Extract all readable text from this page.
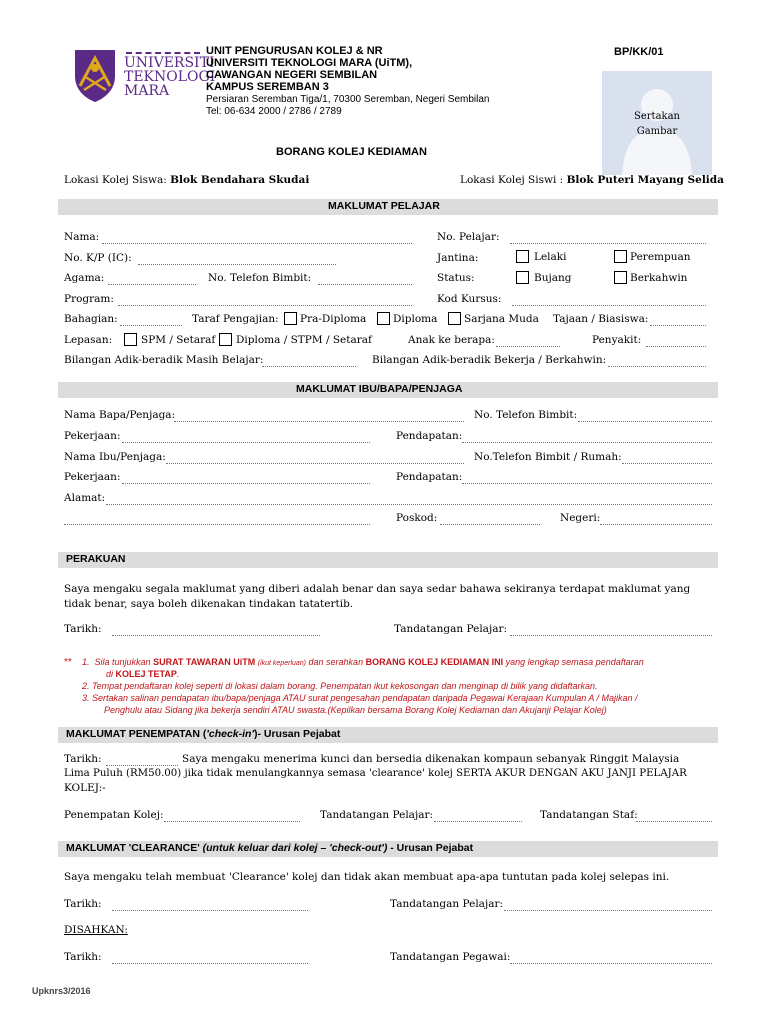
UNIVERSITI
TEKNOLOGI
MARA
UNIT PENGURUSAN KOLEJ & NR
UNIVERSITI TEKNOLOGI MARA (UiTM),
CAWANGAN NEGERI SEMBILAN
KAMPUS SEREMBAN 3
Persiaran Seremban Tiga/1, 70300 Seremban, Negeri Sembilan
Tel: 06-634 2000 / 2786 / 2789
BP/KK/01
Sertakan
Gambar
BORANG KOLEJ KEDIAMAN
Lokasi Kolej Siswa: Blok Bendahara Skudai	Lokasi Kolej Siswi : Blok Puteri Mayang Selida
MAKLUMAT PELAJAR
Nama:	No. Pelajar:
No. K/P (IC):	Jantina:	Lelaki	Perempuan
Agama:	No. Telefon Bimbit:	Status:	Bujang	Berkahwin
Program:	Kod Kursus:
Bahagian:	Taraf Pengajian: Pra-Diploma	Diploma	Sarjana Muda Tajaan / Biasiswa:
Lepasan:	SPM / Setaraf Diploma / STPM / Setaraf	Anak ke berapa:	Penyakit:
Bilangan Adik-beradik Masih Belajar:	Bilangan Adik-beradik Bekerja / Berkahwin:
MAKLUMAT IBU/BAPA/PENJAGA
Nama Bapa/Penjaga:	No. Telefon Bimbit:
Pekerjaan:	Pendapatan:
Nama Ibu/Penjaga:	No.Telefon Bimbit / Rumah:
Pekerjaan:	Pendapatan:
Alamat:
Poskod:	Negeri:
PERAKUAN
Saya mengaku segala maklumat yang diberi adalah benar dan saya sedar bahawa sekiranya terdapat maklumat yang tidak benar, saya boleh dikenakan tindakan tatatertib.
Tarikh:	Tandatangan Pelajar:
** 1. Sila tunjukkan SURAT TAWARAN UiTM (ikut keperluan) dan serahkan BORANG KOLEJ KEDIAMAN INI yang lengkap semasa pendaftaran
di KOLEJ TETAP.
2. Tempat pendaftaran kolej seperti di lokasi dalam borang. Penempatan ikut kekosongan dan menginap di bilik yang didaftarkan.
3. Sertakan salinan pendapatan ibu/bapa/penjaga ATAU surat pengesahan pendapatan daripada Pegawai Kerajaan Kumpulan A / Majikan /
Penghulu atau Sidang jika bekerja sendiri ATAU swasta.(Kepilkan bersama Borang Kolej Kediaman dan Akujanji Pelajar Kolej)
MAKLUMAT PENEMPATAN ('check-in')- Urusan Pejabat
Tarikh:	Saya mengaku menerima kunci dan bersedia dikenakan kompaun sebanyak Ringgit Malaysia
Lima Puluh (RM50.00) jika tidak menulangkannya semasa 'clearance' kolej SERTA AKUR DENGAN AKU JANJI PELAJAR
KOLEJ:-
Penempatan Kolej:	Tandatangan Pelajar:	Tandatangan Staf:
MAKLUMAT 'CLEARANCE' (untuk keluar dari kolej – 'check-out') - Urusan Pejabat
Saya mengaku telah membuat 'Clearance' kolej dan tidak akan membuat apa-apa tuntutan pada kolej selepas ini.
Tarikh:	Tandatangan Pelajar:
DISAHKAN:
Tarikh:	Tandatangan Pegawai:
Upknrs3/2016
